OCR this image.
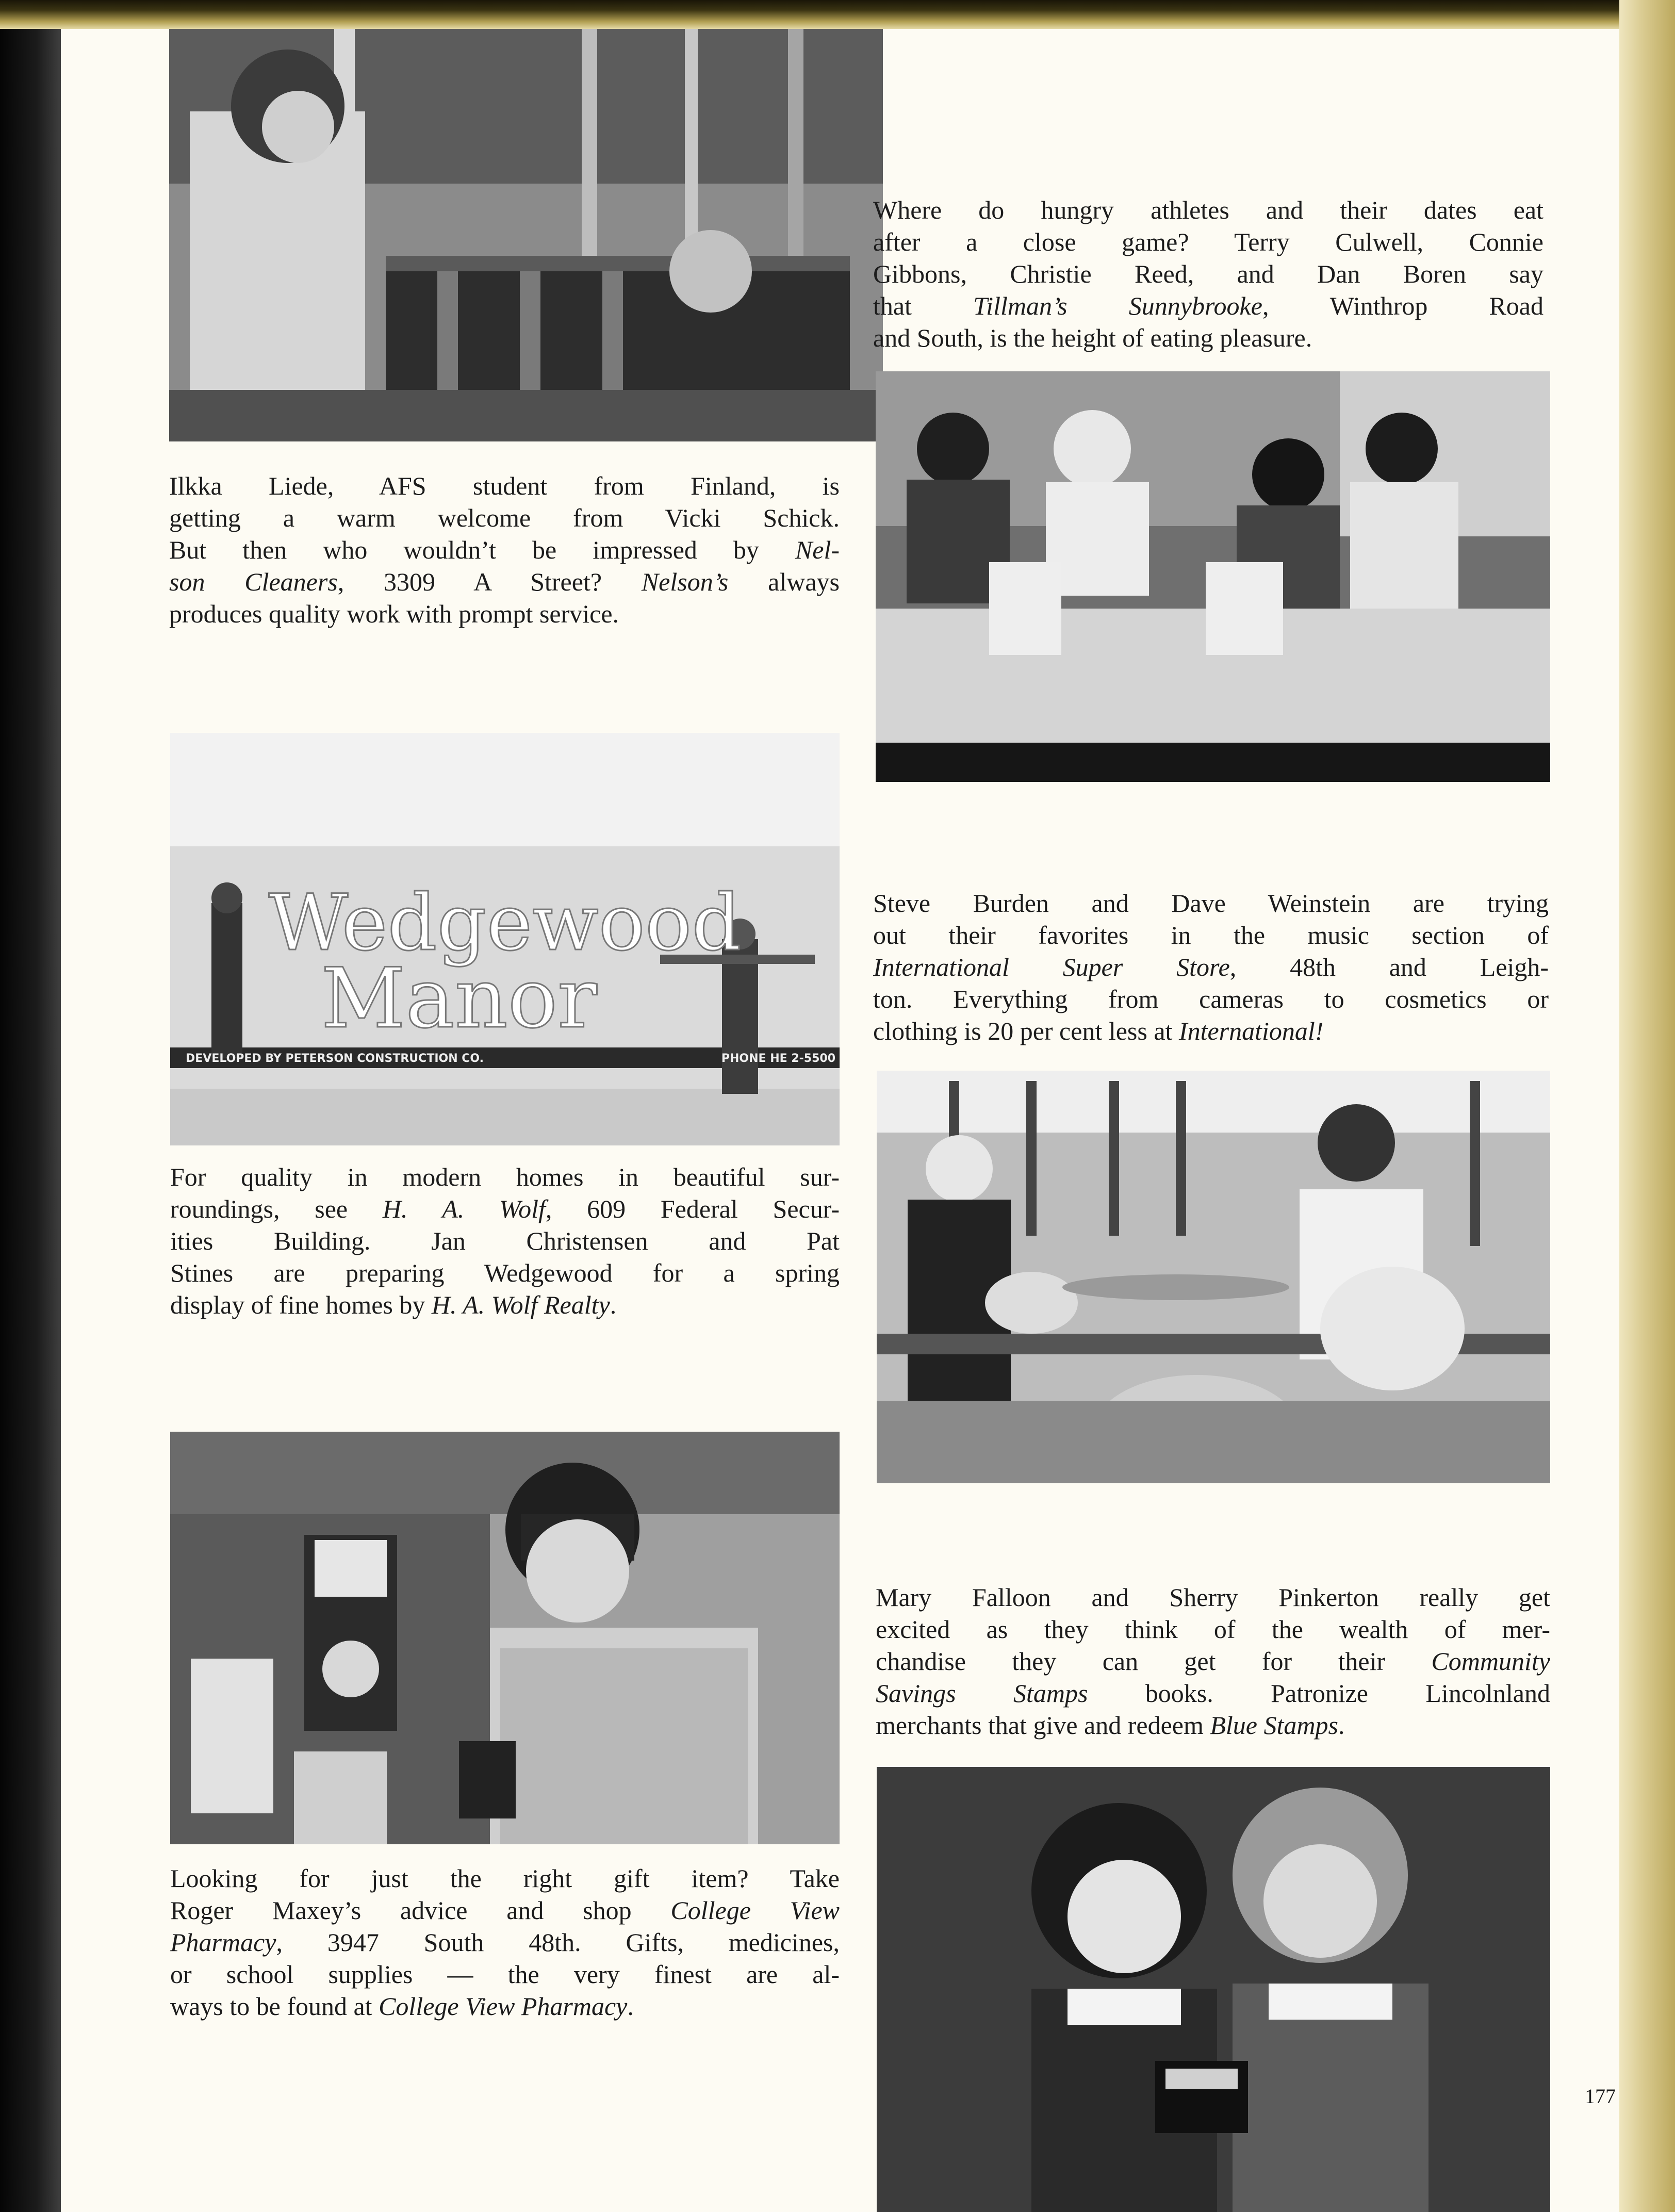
Ilkka Liede, AFS student from Finland, is

getting a warm welcome from Vicki Schick.

But then who wouldn’t be impressed by Nel-

son Cleaners, 3309 A Street? Nelson’s always

produces quality work with prompt service.

Where do hungry athletes and their dates eat

after a close game? Terry Culwell, Connie

Gibbons, Christie Reed, and Dan Boren say

that Tillman’s Sunnybrooke, Winthrop Road

and South, is the height of eating pleasure.

Wedgewood
Manor
DEVELOPED BY PETERSON CONSTRUCTION CO.	PHONE HE 2-5500

For quality in modern homes in beautiful sur-

roundings, see H. A. Wolf, 609 Federal Secur-

ities Building. Jan Christensen and Pat

Stines are preparing Wedgewood for a spring

display of fine homes by H. A. Wolf Realty.

Steve Burden and Dave Weinstein are trying

out their favorites in the music section of

International Super Store, 48th and Leigh-

ton. Everything from cameras to cosmetics or

clothing is 20 per cent less at International!

Looking for just the right gift item? Take

Roger Maxey’s advice and shop College View

Pharmacy, 3947 South 48th. Gifts, medicines,

or school supplies — the very finest are al-

ways to be found at College View Pharmacy.

Mary Falloon and Sherry Pinkerton really get

excited as they think of the wealth of mer-

chandise they can get for their Community

Savings Stamps books. Patronize Lincolnland

merchants that give and redeem Blue Stamps.

177
